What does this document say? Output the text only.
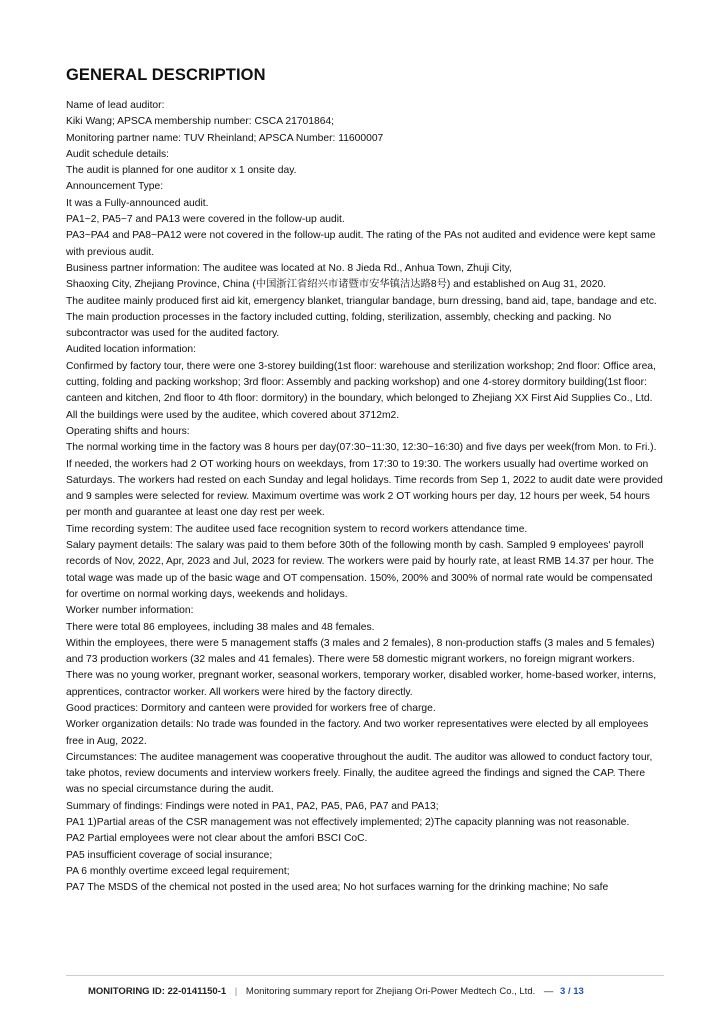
GENERAL DESCRIPTION

Name of lead auditor:

Kiki Wang; APSCA membership number: CSCA 21701864;

Monitoring partner name: TUV Rheinland; APSCA Number: 11600007

Audit schedule details:

The audit is planned for one auditor x 1 onsite day.

Announcement Type:

It was a Fully-announced audit.

PA1~2, PA5~7 and PA13 were covered in the follow-up audit.

PA3~PA4 and PA8~PA12 were not covered in the follow-up audit. The rating of the PAs not audited and evidence were kept same with previous audit.

Business partner information: The auditee was located at No. 8 Jieda Rd., Anhua Town, Zhuji City,

Shaoxing City, Zhejiang Province, China (中国浙江省绍兴市诸暨市安华镇洁达路8号) and established on Aug 31, 2020.

The auditee mainly produced first aid kit, emergency blanket, triangular bandage, burn dressing, band aid, tape, bandage and etc.

The main production processes in the factory included cutting, folding, sterilization, assembly, checking and packing. No subcontractor was used for the audited factory.

Audited location information:

Confirmed by factory tour, there were one 3-storey building(1st floor: warehouse and sterilization workshop; 2nd floor: Office area, cutting, folding and packing workshop; 3rd floor: Assembly and packing workshop) and one 4-storey dormitory building(1st floor: canteen and kitchen, 2nd floor to 4th floor: dormitory) in the boundary, which belonged to Zhejiang XX First Aid Supplies Co., Ltd.

All the buildings were used by the auditee, which covered about 3712m2.

Operating shifts and hours:

The normal working time in the factory was 8 hours per day(07:30~11:30, 12:30~16:30) and five days per week(from Mon. to Fri.). If needed, the workers had 2 OT working hours on weekdays, from 17:30 to 19:30. The workers usually had overtime worked on Saturdays. The workers had rested on each Sunday and legal holidays. Time records from Sep 1, 2022 to audit date were provided and 9 samples were selected for review. Maximum overtime was work 2 OT working hours per day, 12 hours per week, 54 hours per month and guarantee at least one day rest per week.

Time recording system: The auditee used face recognition system to record workers attendance time.

Salary payment details: The salary was paid to them before 30th of the following month by cash. Sampled 9 employees' payroll records of Nov, 2022, Apr, 2023 and Jul, 2023 for review. The workers were paid by hourly rate, at least RMB 14.37 per hour. The total wage was made up of the basic wage and OT compensation. 150%, 200% and 300% of normal rate would be compensated for overtime on normal working days, weekends and holidays.

Worker number information:

There were total 86 employees, including 38 males and 48 females.

Within the employees, there were 5 management staffs (3 males and 2 females), 8 non-production staffs (3 males and 5 females) and 73 production workers (32 males and 41 females). There were 58 domestic migrant workers, no foreign migrant workers. There was no young worker, pregnant worker, seasonal workers, temporary worker, disabled worker, home-based worker, interns, apprentices, contractor worker. All workers were hired by the factory directly.

Good practices: Dormitory and canteen were provided for workers free of charge.

Worker organization details: No trade was founded in the factory. And two worker representatives were elected by all employees free in Aug, 2022.

Circumstances: The auditee management was cooperative throughout the audit. The auditor was allowed to conduct factory tour, take photos, review documents and interview workers freely. Finally, the auditee agreed the findings and signed the CAP. There was no special circumstance during the audit.

Summary of findings: Findings were noted in PA1, PA2, PA5, PA6, PA7 and PA13;

PA1 1)Partial areas of the CSR management was not effectively implemented; 2)The capacity planning was not reasonable.

PA2 Partial employees were not clear about the amfori BSCI CoC.

PA5 insufficient coverage of social insurance;

PA 6 monthly overtime exceed legal requirement;

PA7 The MSDS of the chemical not posted in the used area; No hot surfaces warning for the drinking machine; No safe

MONITORING ID: 22-0141150-1 | Monitoring summary report for Zhejiang Ori-Power Medtech Co., Ltd. — 3 / 13
